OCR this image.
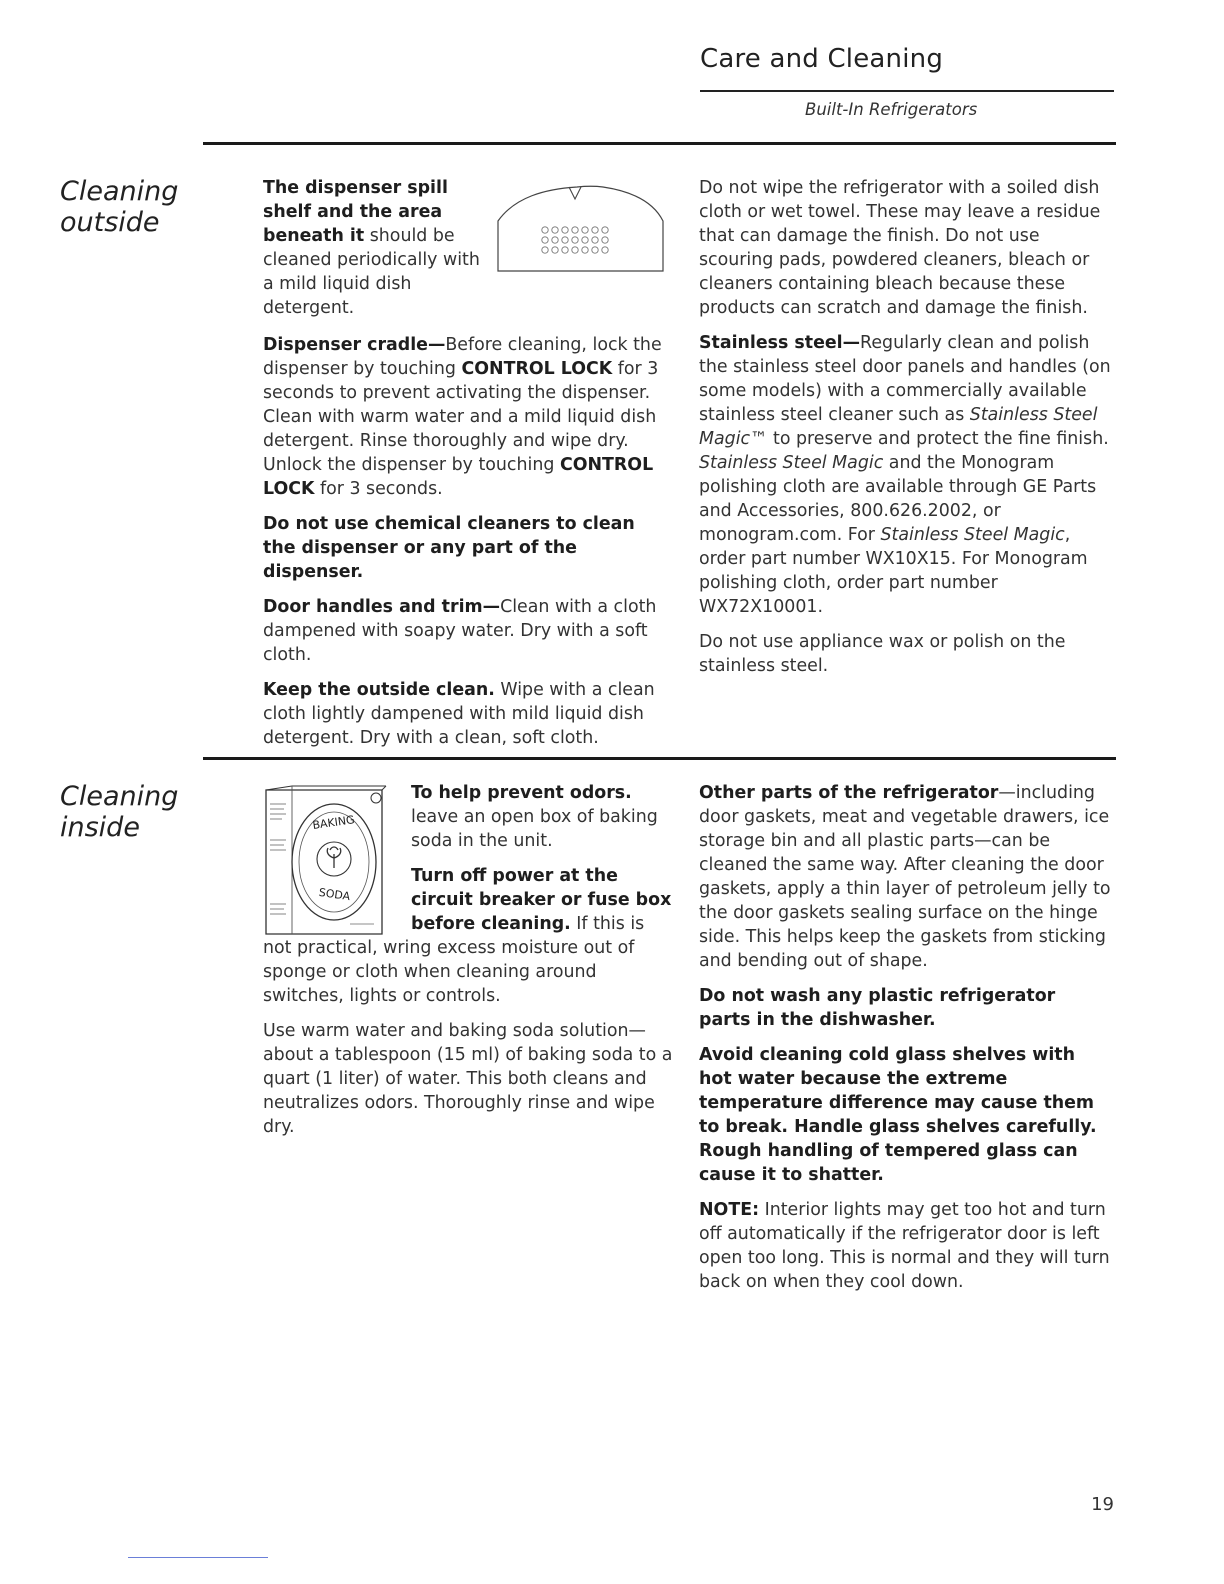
Care and Cleaning
Built-In Refrigerators
Cleaning outside

The dispenser spill shelf and the area beneath it should be cleaned periodically with a mild liquid dish detergent.

Dispenser cradle—Before cleaning, lock the dispenser by touching CONTROL LOCK for 3 seconds to prevent activating the dispenser. Clean with warm water and a mild liquid dish detergent. Rinse thoroughly and wipe dry. Unlock the dispenser by touching CONTROL LOCK for 3 seconds.

Do not use chemical cleaners to clean the dispenser or any part of the dispenser.

Door handles and trim—Clean with a cloth dampened with soapy water. Dry with a soft cloth.

Keep the outside clean. Wipe with a clean cloth lightly dampened with mild liquid dish detergent. Dry with a clean, soft cloth.

Do not wipe the refrigerator with a soiled dish cloth or wet towel. These may leave a residue that can damage the finish. Do not use scouring pads, powdered cleaners, bleach or cleaners containing bleach because these products can scratch and damage the finish.

Stainless steel—Regularly clean and polish the stainless steel door panels and handles (on some models) with a commercially available stainless steel cleaner such as Stainless Steel Magic™ to preserve and protect the fine finish. Stainless Steel Magic and the Monogram polishing cloth are available through GE Parts and Accessories, 800.626.2002, or monogram.com. For Stainless Steel Magic, order part number WX10X15. For Monogram polishing cloth, order part number WX72X10001.

Do not use appliance wax or polish on the stainless steel.

Cleaning inside	BAKING
SODA

To help prevent odors. leave an open box of baking soda in the unit.

Turn off power at the circuit breaker or fuse box before cleaning. If this is not practical, wring excess moisture out of sponge or cloth when cleaning around switches, lights or controls.

Use warm water and baking soda solution—about a tablespoon (15 ml) of baking soda to a quart (1 liter) of water. This both cleans and neutralizes odors. Thoroughly rinse and wipe dry.

Other parts of the refrigerator—including door gaskets, meat and vegetable drawers, ice storage bin and all plastic parts—can be cleaned the same way. After cleaning the door gaskets, apply a thin layer of petroleum jelly to the door gaskets sealing surface on the hinge side. This helps keep the gaskets from sticking and bending out of shape.

Do not wash any plastic refrigerator parts in the dishwasher.

Avoid cleaning cold glass shelves with hot water because the extreme temperature difference may cause them to break. Handle glass shelves carefully. Rough handling of tempered glass can cause it to shatter.

NOTE: Interior lights may get too hot and turn off automatically if the refrigerator door is left open too long. This is normal and they will turn back on when they cool down.

19
